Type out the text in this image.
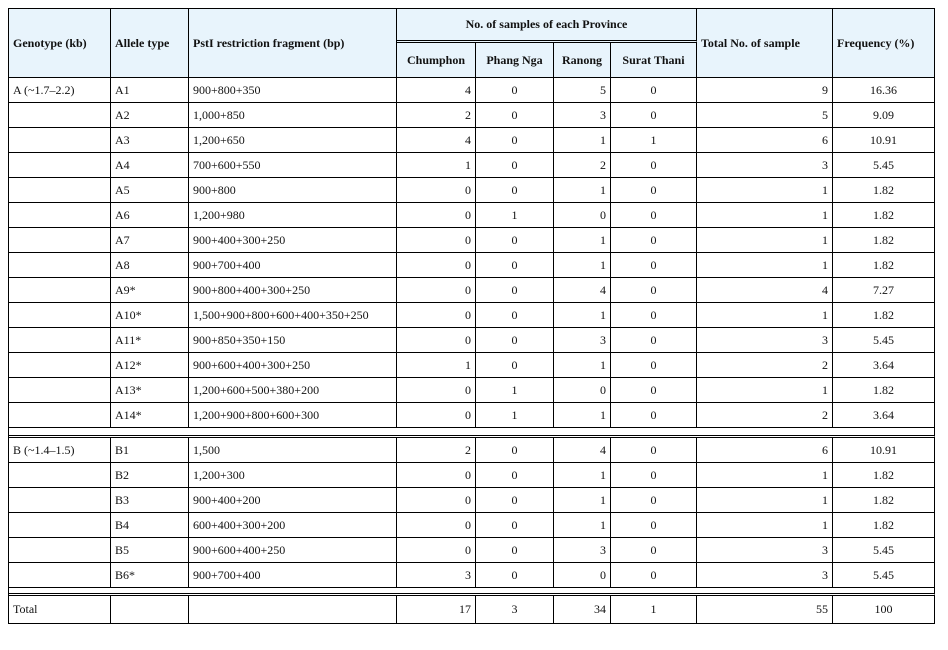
Genotype (kb)	Allele type	PstI restriction fragment (bp)	No. of samples of each Province				Total No. of sample	Frequency (%)
			Chumphon	Phang Nga	Ranong	Surat Thani		
A (~1.7–2.2)	A1	900+800+350	4	0	5	0	9	16.36
	A2	1,000+850	2	0	3	0	5	9.09
	A3	1,200+650	4	0	1	1	6	10.91
	A4	700+600+550	1	0	2	0	3	5.45
	A5	900+800	0	0	1	0	1	1.82
	A6	1,200+980	0	1	0	0	1	1.82
	A7	900+400+300+250	0	0	1	0	1	1.82
	A8	900+700+400	0	0	1	0	1	1.82
	A9*	900+800+400+300+250	0	0	4	0	4	7.27
	A10*	1,500+900+800+600+400+350+250	0	0	1	0	1	1.82
	A11*	900+850+350+150	0	0	3	0	3	5.45
	A12*	900+600+400+300+250	1	0	1	0	2	3.64
	A13*	1,200+600+500+380+200	0	1	0	0	1	1.82
	A14*	1,200+900+800+600+300	0	1	1	0	2	3.64

B (~1.4–1.5)	B1	1,500	2	0	4	0	6	10.91
	B2	1,200+300	0	0	1	0	1	1.82
	B3	900+400+200	0	0	1	0	1	1.82
	B4	600+400+300+200	0	0	1	0	1	1.82
	B5	900+600+400+250	0	0	3	0	3	5.45
	B6*	900+700+400	3	0	0	0	3	5.45

Total			17	3	34	1	55	100
